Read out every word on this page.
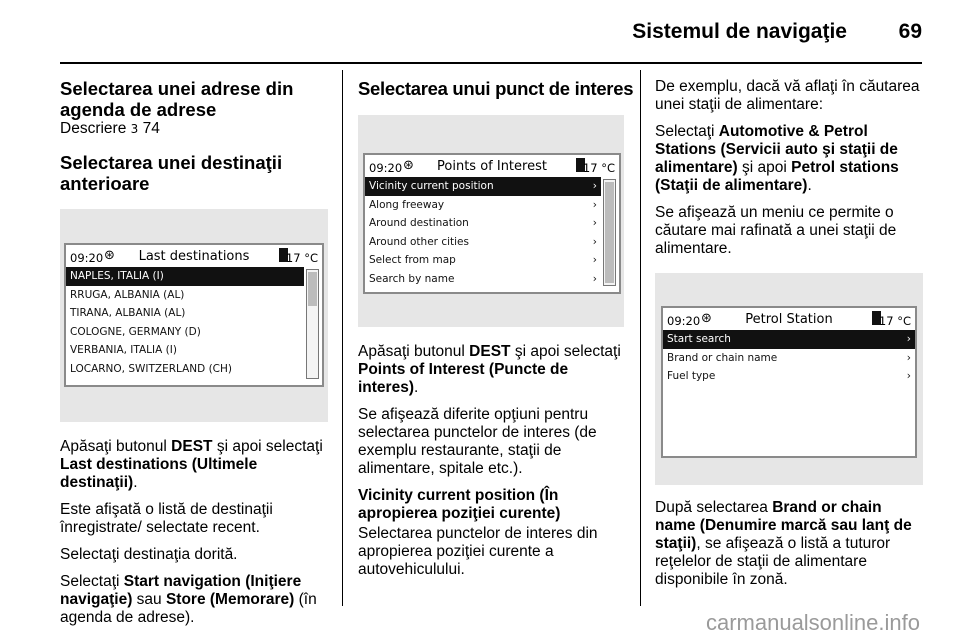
Sistemul de navigaţie 69
Selectarea unei adrese din
agenda de adrese
Descriere 3 74
Selectarea unei destinaţii
anterioare
09:20 ⊛	Last destinations	17 °C
NAPLES, ITALIA (I)
RRUGA, ALBANIA (AL)
TIRANA, ALBANIA (AL)
COLOGNE, GERMANY (D)
VERBANIA, ITALIA (I)
LOCARNO, SWITZERLAND (CH)

Apăsaţi butonul DEST şi apoi selectaţi Last destinations (Ultimele destinaţii).

Este afişată o listă de destinaţii înregistrate/ selectate recent.

Selectaţi destinaţia dorită.

Selectaţi Start navigation (Iniţiere navigaţie) sau Store (Memorare) (în agenda de adrese).

Selectarea unui punct de interes
09:20 ⊛	Points of Interest	17 °C
Vicinity current position	›
Along freeway	›
Around destination	›
Around other cities	›
Select from map	›
Search by name	›

Apăsaţi butonul DEST şi apoi selectaţi Points of Interest (Puncte de interes).

Se afişează diferite opţiuni pentru selectarea punctelor de interes (de exemplu restaurante, staţii de alimentare, spitale etc.).

Vicinity current position (În apropierea poziţiei curente)

Selectarea punctelor de interes din apropierea poziţiei curente a autovehiculului.

De exemplu, dacă vă aflaţi în căutarea unei staţii de alimentare:

Selectaţi Automotive & Petrol Stations (Servicii auto şi staţii de alimentare) şi apoi Petrol stations (Staţii de alimentare).

Se afişează un meniu ce permite o căutare mai rafinată a unei staţii de alimentare.

09:20 ⊛	Petrol Station	17 °C
Start search	›
Brand or chain name	›
Fuel type	›

După selectarea Brand or chain name (Denumire marcă sau lanţ de staţii), se afişează o listă a tuturor reţelelor de staţii de alimentare disponibile în zonă.

carmanualsonline.info
